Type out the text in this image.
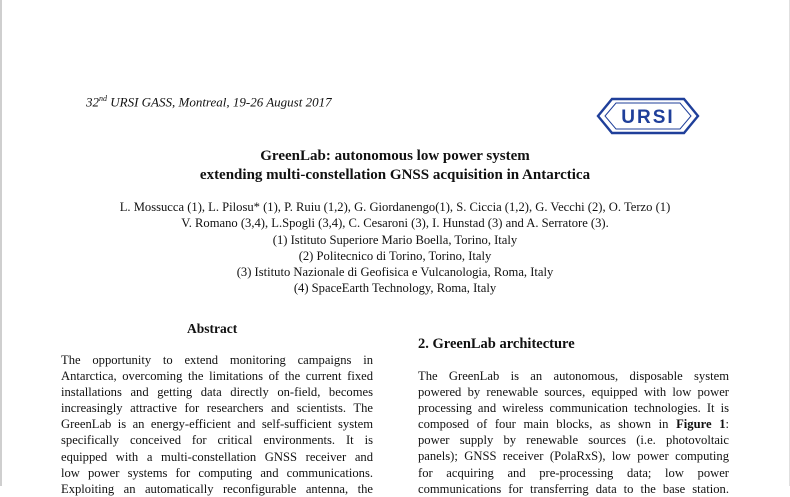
32nd URSI GASS, Montreal, 19-26 August 2017
URSI
GreenLab: autonomous low power system
extending multi-constellation GNSS acquisition in Antarctica
L. Mossucca (1), L. Pilosu* (1), P. Ruiu (1,2), G. Giordanengo(1), S. Ciccia (1,2), G. Vecchi (2), O. Terzo (1)
V. Romano (3,4), L.Spogli (3,4), C. Cesaroni (3), I. Hunstad (3) and A. Serratore (3).
(1) Istituto Superiore Mario Boella, Torino, Italy
(2) Politecnico di Torino, Torino, Italy
(3) Istituto Nazionale di Geofisica e Vulcanologia, Roma, Italy
(4) SpaceEarth Technology, Roma, Italy
Abstract
2. GreenLab architecture
The opportunity to extend monitoring campaigns in
Antarctica, overcoming the limitations of the current fixed
installations and getting data directly on-field, becomes
increasingly attractive for researchers and scientists. The
GreenLab is an energy-efficient and self-sufficient system
specifically conceived for critical environments. It is
equipped with a multi-constellation GNSS receiver and
low power systems for computing and communications.
Exploiting an automatically reconfigurable antenna, the
The GreenLab is an autonomous, disposable system
powered by renewable sources, equipped with low power
processing and wireless communication technologies. It is
composed of four main blocks, as shown in Figure 1:
power supply by renewable sources (i.e. photovoltaic
panels); GNSS receiver (PolaRxS), low power computing
for acquiring and pre-processing data; low power
communications for transferring data to the base station.
